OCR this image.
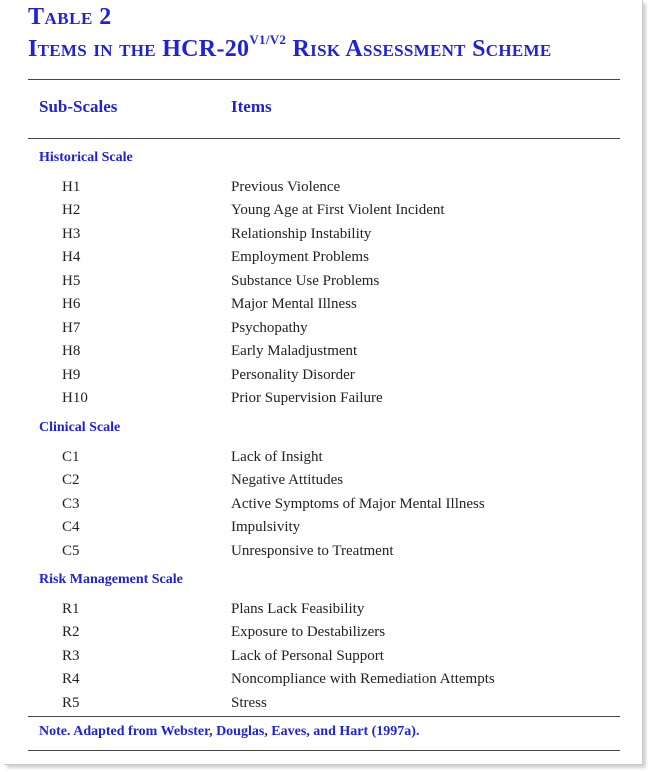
Table 2
Items in the HCR-$20^{V1/V2}$ Risk Assessment Scheme
Sub-Scales	Items
Historical Scale
H1	Previous Violence
H2	Young Age at First Violent Incident
H3	Relationship Instability
H4	Employment Problems
H5	Substance Use Problems
H6	Major Mental Illness
H7	Psychopathy
H8	Early Maladjustment
H9	Personality Disorder
H10	Prior Supervision Failure
Clinical Scale
C1	Lack of Insight
C2	Negative Attitudes
C3	Active Symptoms of Major Mental Illness
C4	Impulsivity
C5	Unresponsive to Treatment
Risk Management Scale
R1	Plans Lack Feasibility
R2	Exposure to Destabilizers
R3	Lack of Personal Support
R4	Noncompliance with Remediation Attempts
R5	Stress
Note. Adapted from Webster, Douglas, Eaves, and Hart (1997a).
